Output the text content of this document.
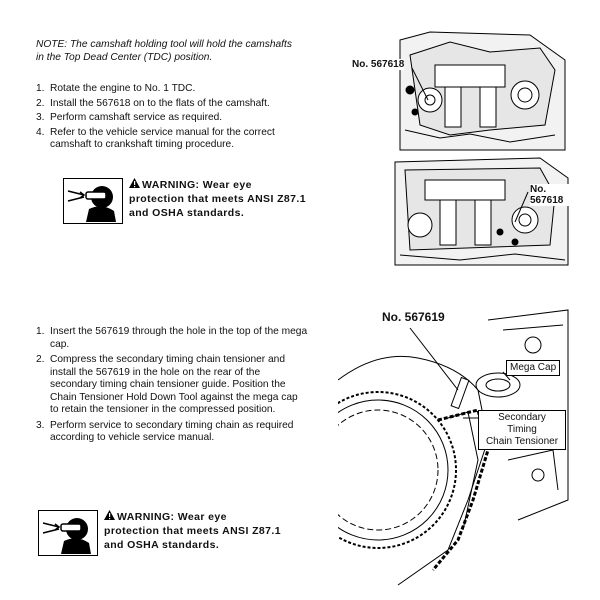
NOTE: The camshaft holding tool will hold the camshafts in the Top Dead Center (TDC) position.
1. Rotate the engine to No. 1 TDC.
2. Install the 567618 on to the flats of the camshaft.
3. Perform camshaft service as required.
4. Refer to the vehicle service manual for the correct camshaft to crankshaft timing procedure.
WARNING: Wear eye protection that meets ANSI Z87.1 and OSHA standards.
No. 567618
No. 567618
1. Insert the 567619 through the hole in the top of the mega cap.
2. Compress the secondary timing chain tensioner and install the 567619 in the hole on the rear of the secondary timing chain tensioner guide. Position the Chain Tensioner Hold Down Tool against the mega cap to retain the tensioner in the compressed position.
3. Perform service to secondary timing chain as required according to vehicle service manual.
No. 567619
Mega Cap
Secondary Timing
Chain Tensioner
WARNING: Wear eye protection that meets ANSI Z87.1 and OSHA standards.
